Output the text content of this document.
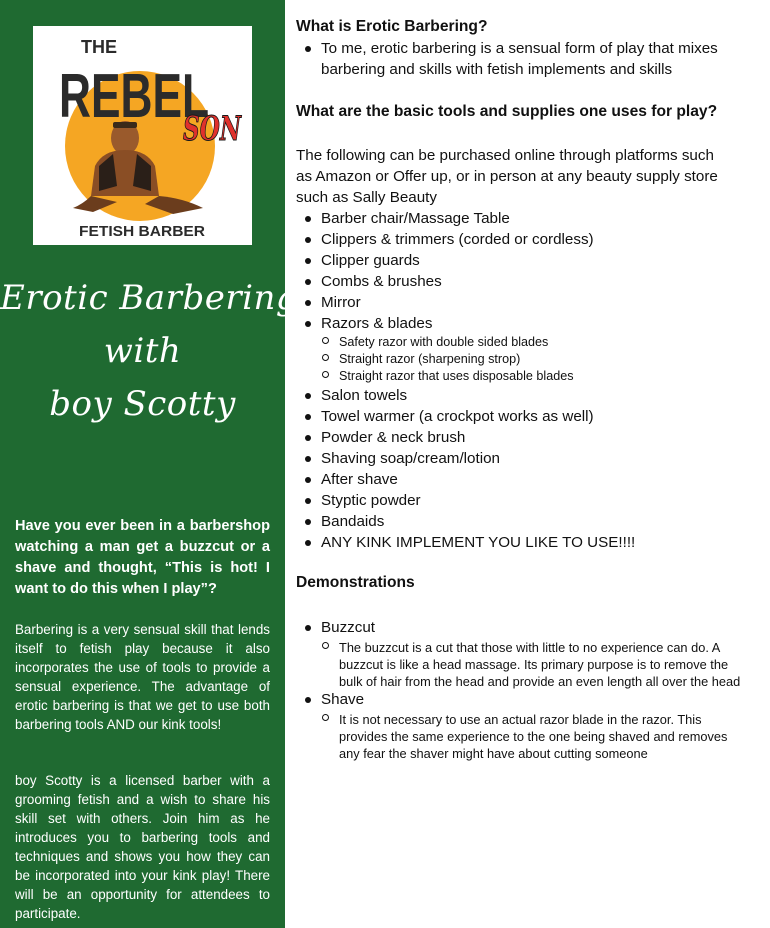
THE
REBEL
SON
FETISH BARBER
Erotic Barbering
with
boy Scotty
Have you ever been in a barbershop watching a man get a buzzcut or a shave and thought, “This is hot! I want to do this when I play”?
Barbering is a very sensual skill that lends itself to fetish play because it also incorporates the use of tools to provide a sensual experience. The advantage of erotic barbering is that we get to use both barbering tools AND our kink tools!
boy Scotty is a licensed barber with a grooming fetish and a wish to share his skill set with others. Join him as he introduces you to barbering tools and techniques and shows you how they can be incorporated into your kink play! There will be an opportunity for attendees to participate.
What is Erotic Barbering?
To me, erotic barbering is a sensual form of play that mixes
barbering and skills with fetish implements and skills
What are the basic tools and supplies one uses for play?
The following can be purchased online through platforms such
as Amazon or Offer up, or in person at any beauty supply store
such as Sally Beauty
Barber chair/Massage Table
Clippers & trimmers (corded or cordless)
Clipper guards
Combs & brushes
Mirror
Razors & blades
Safety razor with double sided blades
Straight razor (sharpening strop)
Straight razor that uses disposable blades
Salon towels
Towel warmer (a crockpot works as well)
Powder & neck brush
Shaving soap/cream/lotion
After shave
Styptic powder
Bandaids
ANY KINK IMPLEMENT YOU LIKE TO USE!!!!
Demonstrations
Buzzcut
The buzzcut is a cut that those with little to no experience can do. A
buzzcut is like a head massage. Its primary purpose is to remove the
bulk of hair from the head and provide an even length all over the head
Shave
It is not necessary to use an actual razor blade in the razor. This
provides the same experience to the one being shaved and removes
any fear the shaver might have about cutting someone
